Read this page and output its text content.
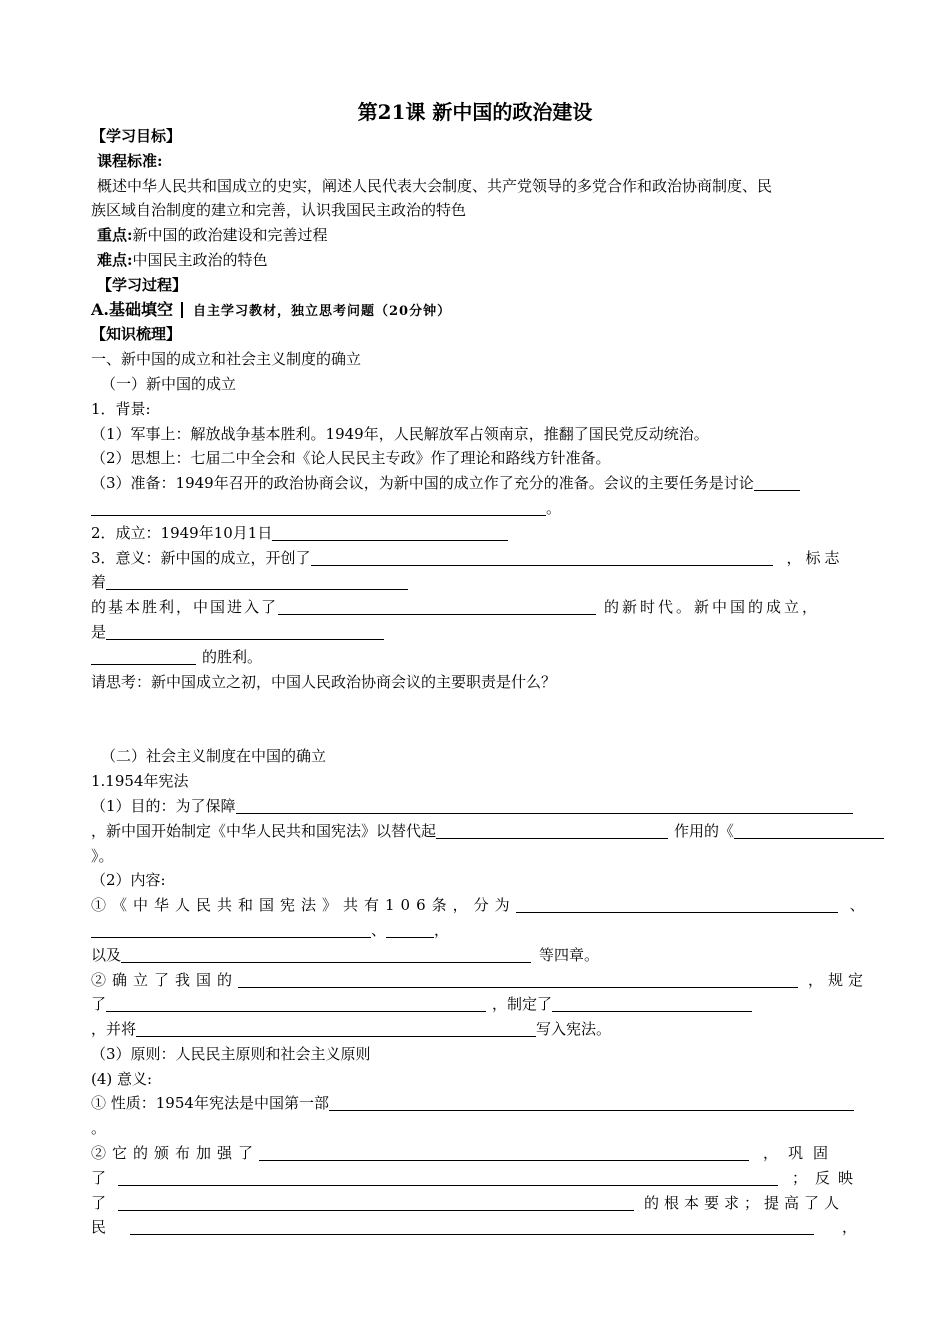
第21课 新中国的政治建设
【学习目标】
课程标准:
概述中华人民共和国成立的史实，阐述人民代表大会制度、共产党领导的多党合作和政治协商制度、民
族区域自治制度的建立和完善，认识我国民主政治的特色
重点:新中国的政治建设和完善过程
难点:中国民主政治的特色
【学习过程】
A.基础填空 自主学习教材，独立思考问题（20分钟）
【知识梳理】
一、新中国的成立和社会主义制度的确立
（一）新中国的成立
1．背景:
（1）军事上：解放战争基本胜利。1949年，人民解放军占领南京，推翻了国民党反动统治。
（2）思想上：七届二中全会和《论人民民主专政》作了理论和路线方针准备。
（3）准备：1949年召开的政治协商会议，为新中国的成立作了充分的准备。会议的主要任务是讨论
。
2．成立：1949年10月1日
3．意义：新中国的成立，开创了	，标志
着
的基本胜利，中国进入了	的新时代。新中国的成立，
是
的胜利。
请思考：新中国成立之初，中国人民政治协商会议的主要职责是什么？
（二）社会主义制度在中国的确立
1.1954年宪法
（1）目的：为了保障
，新中国开始制定《中华人民共和国宪法》以替代起	作用的《
》。
（2）内容:
①《中华人民共和国宪法》共有106条，分为	、
、	，
以及	等四章。
②确立了我国的	，规定
了	，制定了
，并将	写入宪法。
（3）原则：人民民主原则和社会主义原则
(4) 意义:
① 性质：1954年宪法是中国第一部
。
②它的颁布加强了	，巩固
了	；反映
了	的根本要求；提高了人
民	，
